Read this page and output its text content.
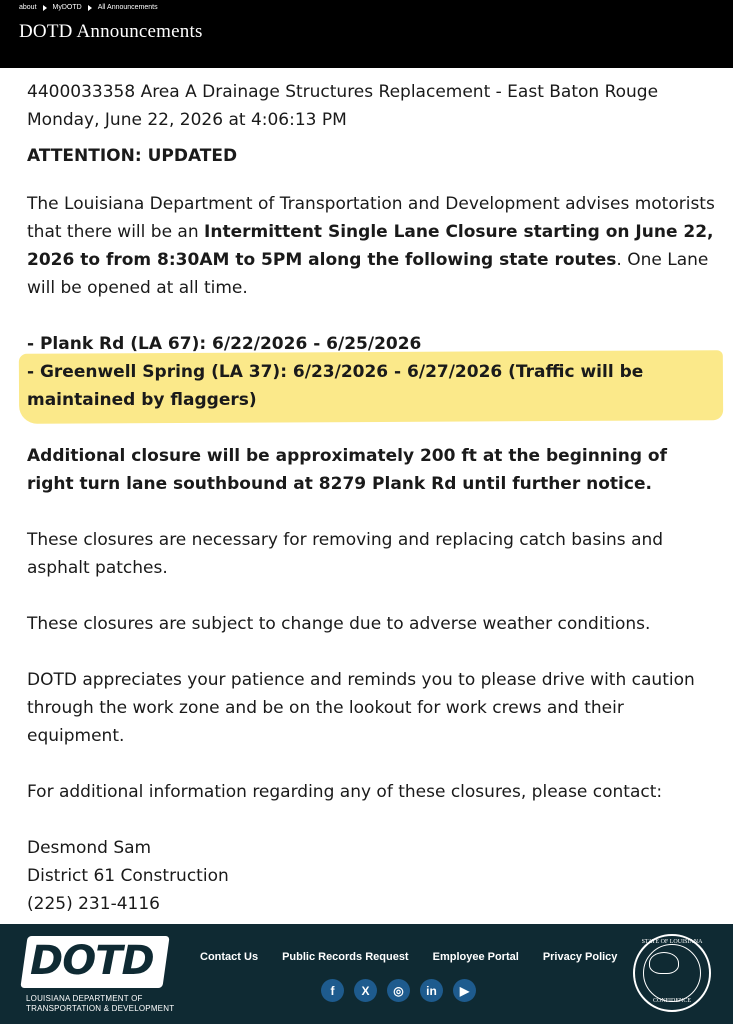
about MyDOTD All Announcements
DOTD Announcements

4400033358 Area A Drainage Structures Replacement - East Baton Rouge

Monday, June 22, 2026 at 4:06:13 PM

ATTENTION: UPDATED

The Louisiana Department of Transportation and Development advises motorists that there will be an Intermittent Single Lane Closure starting on June 22, 2026 to from 8:30AM to 5PM along the following state routes. One Lane will be opened at all time.

- Plank Rd (LA 67): 6/22/2026 - 6/25/2026

- Greenwell Spring (LA 37): 6/23/2026 - 6/27/2026 (Traffic will be maintained by flaggers)

Additional closure will be approximately 200 ft at the beginning of right turn lane southbound at 8279 Plank Rd until further notice.

These closures are necessary for removing and replacing catch basins and asphalt patches.

These closures are subject to change due to adverse weather conditions.

DOTD appreciates your patience and reminds you to please drive with caution through the work zone and be on the lookout for work crews and their equipment.

For additional information regarding any of these closures, please contact:

Desmond Sam

District 61 Construction

(225) 231-4116

DOTD
LOUISIANA DEPARTMENT OF
TRANSPORTATION & DEVELOPMENT
Contact Us Public Records Request Employee Portal Privacy Policy
f	X	◎	in	▶
STATE OF LOUISIANA
CONFIDENCE
